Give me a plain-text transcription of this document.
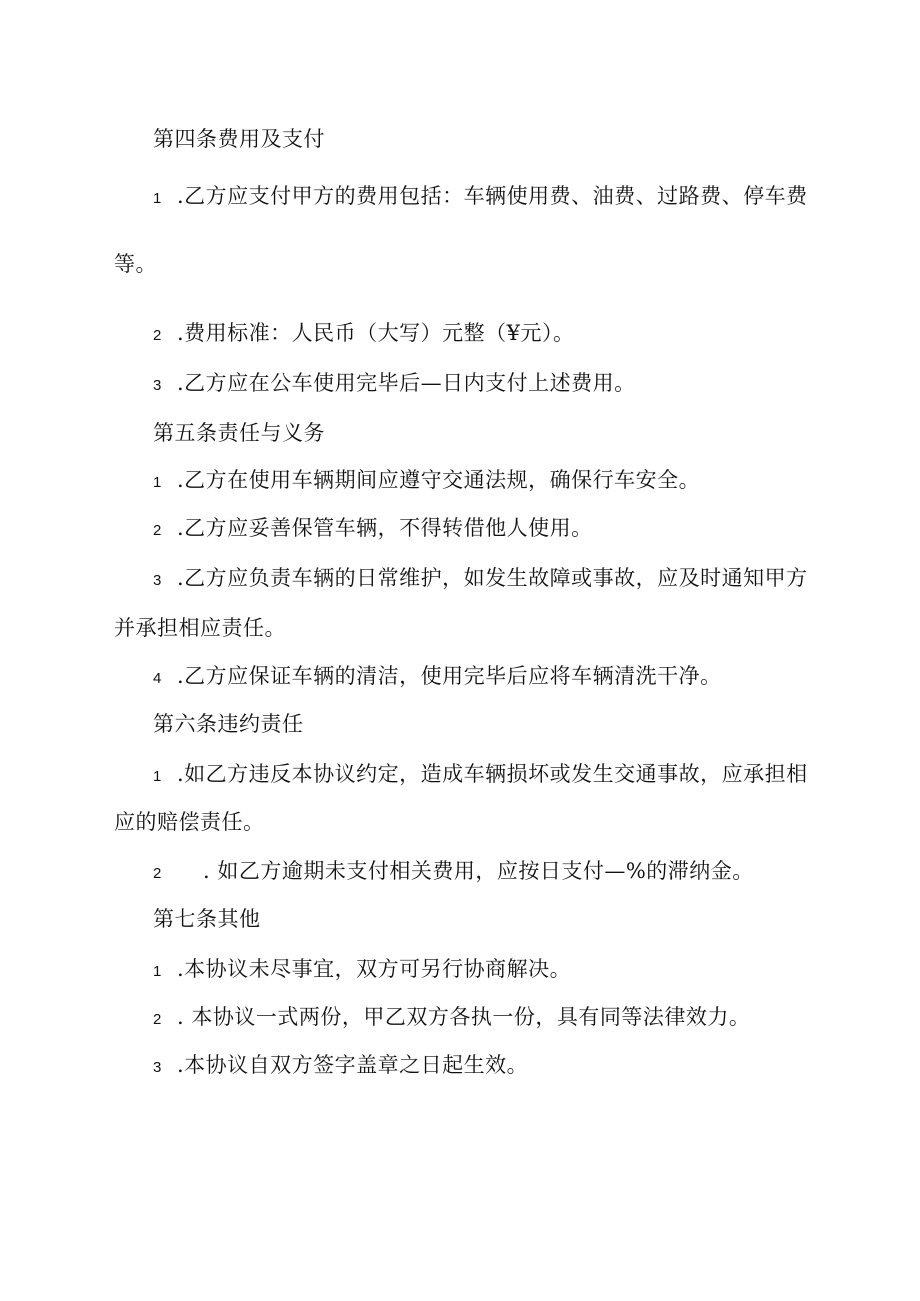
第四条费用及支付

1 .乙方应支付甲方的费用包括：车辆使用费、油费、过路费、停车费

等。

2 .费用标准：人民币（大写）元整（¥元）。

3 .乙方应在公车使用完毕后—日内支付上述费用。

第五条责任与义务

1 .乙方在使用车辆期间应遵守交通法规，确保行车安全。

2 .乙方应妥善保管车辆，不得转借他人使用。

3 .乙方应负责车辆的日常维护，如发生故障或事故，应及时通知甲方

并承担相应责任。

4 .乙方应保证车辆的清洁，使用完毕后应将车辆清洗干净。

第六条违约责任

1 .如乙方违反本协议约定，造成车辆损坏或发生交通事故，应承担相

应的赔偿责任。

2 . 如乙方逾期未支付相关费用，应按日支付—%的滞纳金。

第七条其他

1 .本协议未尽事宜，双方可另行协商解决。

2 . 本协议一式两份，甲乙双方各执一份，具有同等法律效力。

3 .本协议自双方签字盖章之日起生效。
